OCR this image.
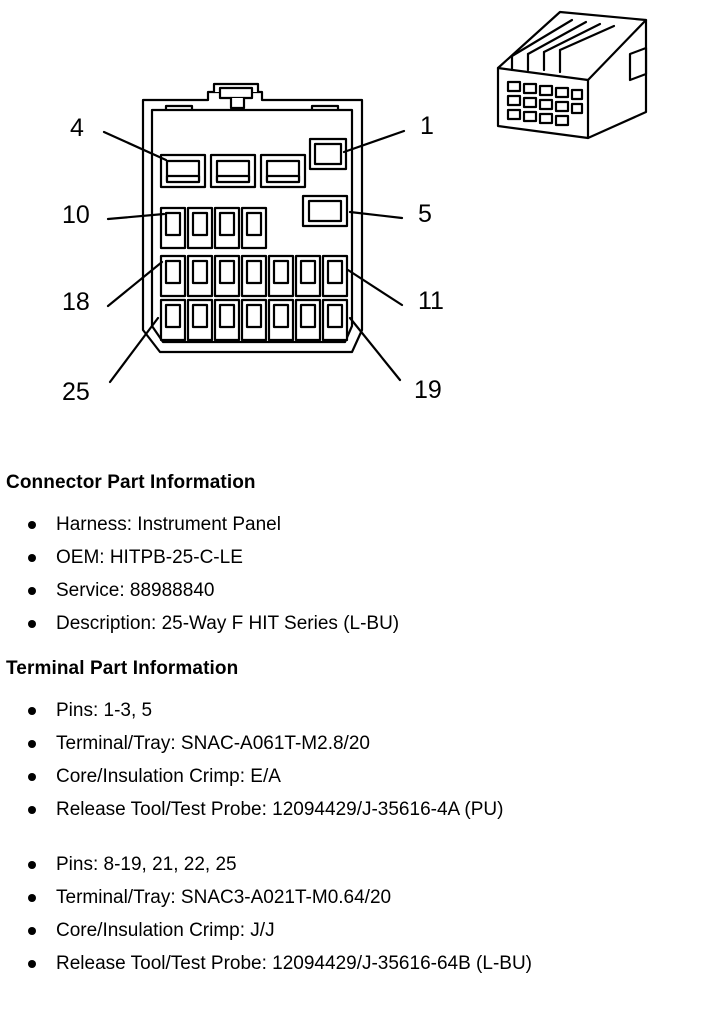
4	1
10	5
18	11
25	19
Connector Part Information
Harness: Instrument Panel
OEM: HITPB-25-C-LE
Service: 88988840
Description: 25-Way F HIT Series (L-BU)
Terminal Part Information
Pins: 1-3, 5
Terminal/Tray: SNAC-A061T-M2.8/20
Core/Insulation Crimp: E/A
Release Tool/Test Probe: 12094429/J-35616-4A (PU)
Pins: 8-19, 21, 22, 25
Terminal/Tray: SNAC3-A021T-M0.64/20
Core/Insulation Crimp: J/J
Release Tool/Test Probe: 12094429/J-35616-64B (L-BU)
